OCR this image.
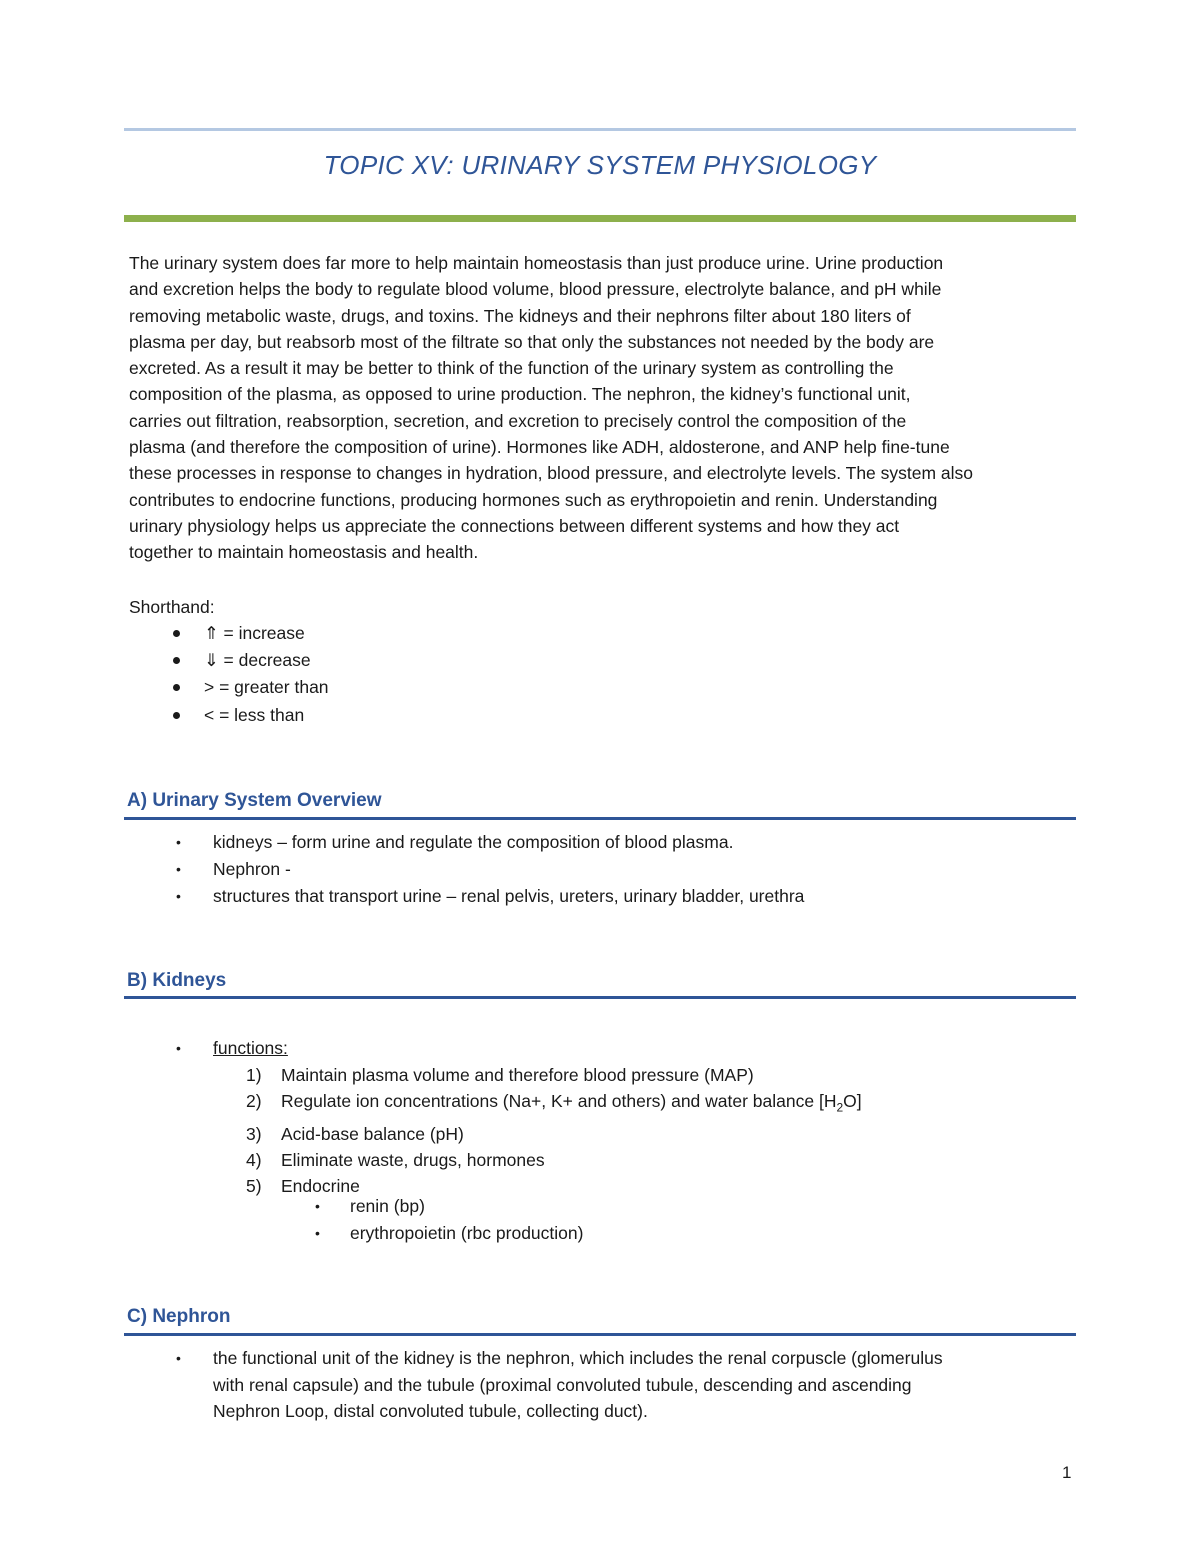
TOPIC XV: URINARY SYSTEM PHYSIOLOGY
The urinary system does far more to help maintain homeostasis than just produce urine. Urine production
and excretion helps the body to regulate blood volume, blood pressure, electrolyte balance, and pH while
removing metabolic waste, drugs, and toxins. The kidneys and their nephrons filter about 180 liters of
plasma per day, but reabsorb most of the filtrate so that only the substances not needed by the body are
excreted. As a result it may be better to think of the function of the urinary system as controlling the
composition of the plasma, as opposed to urine production. The nephron, the kidney’s functional unit,
carries out filtration, reabsorption, secretion, and excretion to precisely control the composition of the
plasma (and therefore the composition of urine). Hormones like ADH, aldosterone, and ANP help fine-tune
these processes in response to changes in hydration, blood pressure, and electrolyte levels. The system also
contributes to endocrine functions, producing hormones such as erythropoietin and renin. Understanding
urinary physiology helps us appreciate the connections between different systems and how they act
together to maintain homeostasis and health.
Shorthand:
⇑ = increase
⇓ = decrease
> = greater than
< = less than
A) Urinary System Overview
• kidneys – form urine and regulate the composition of blood plasma.
• Nephron -
• structures that transport urine – renal pelvis, ureters, urinary bladder, urethra
B) Kidneys
• functions:
1) Maintain plasma volume and therefore blood pressure (MAP)
2) Regulate ion concentrations (Na+, K+ and others) and water balance $[H_2O]$
3) Acid-base balance (pH)
4) Eliminate waste, drugs, hormones
5) Endocrine
• renin (bp)
• erythropoietin (rbc production)
C) Nephron
• the functional unit of the kidney is the nephron, which includes the renal corpuscle (glomerulus
with renal capsule) and the tubule (proximal convoluted tubule, descending and ascending
Nephron Loop, distal convoluted tubule, collecting duct).
1
